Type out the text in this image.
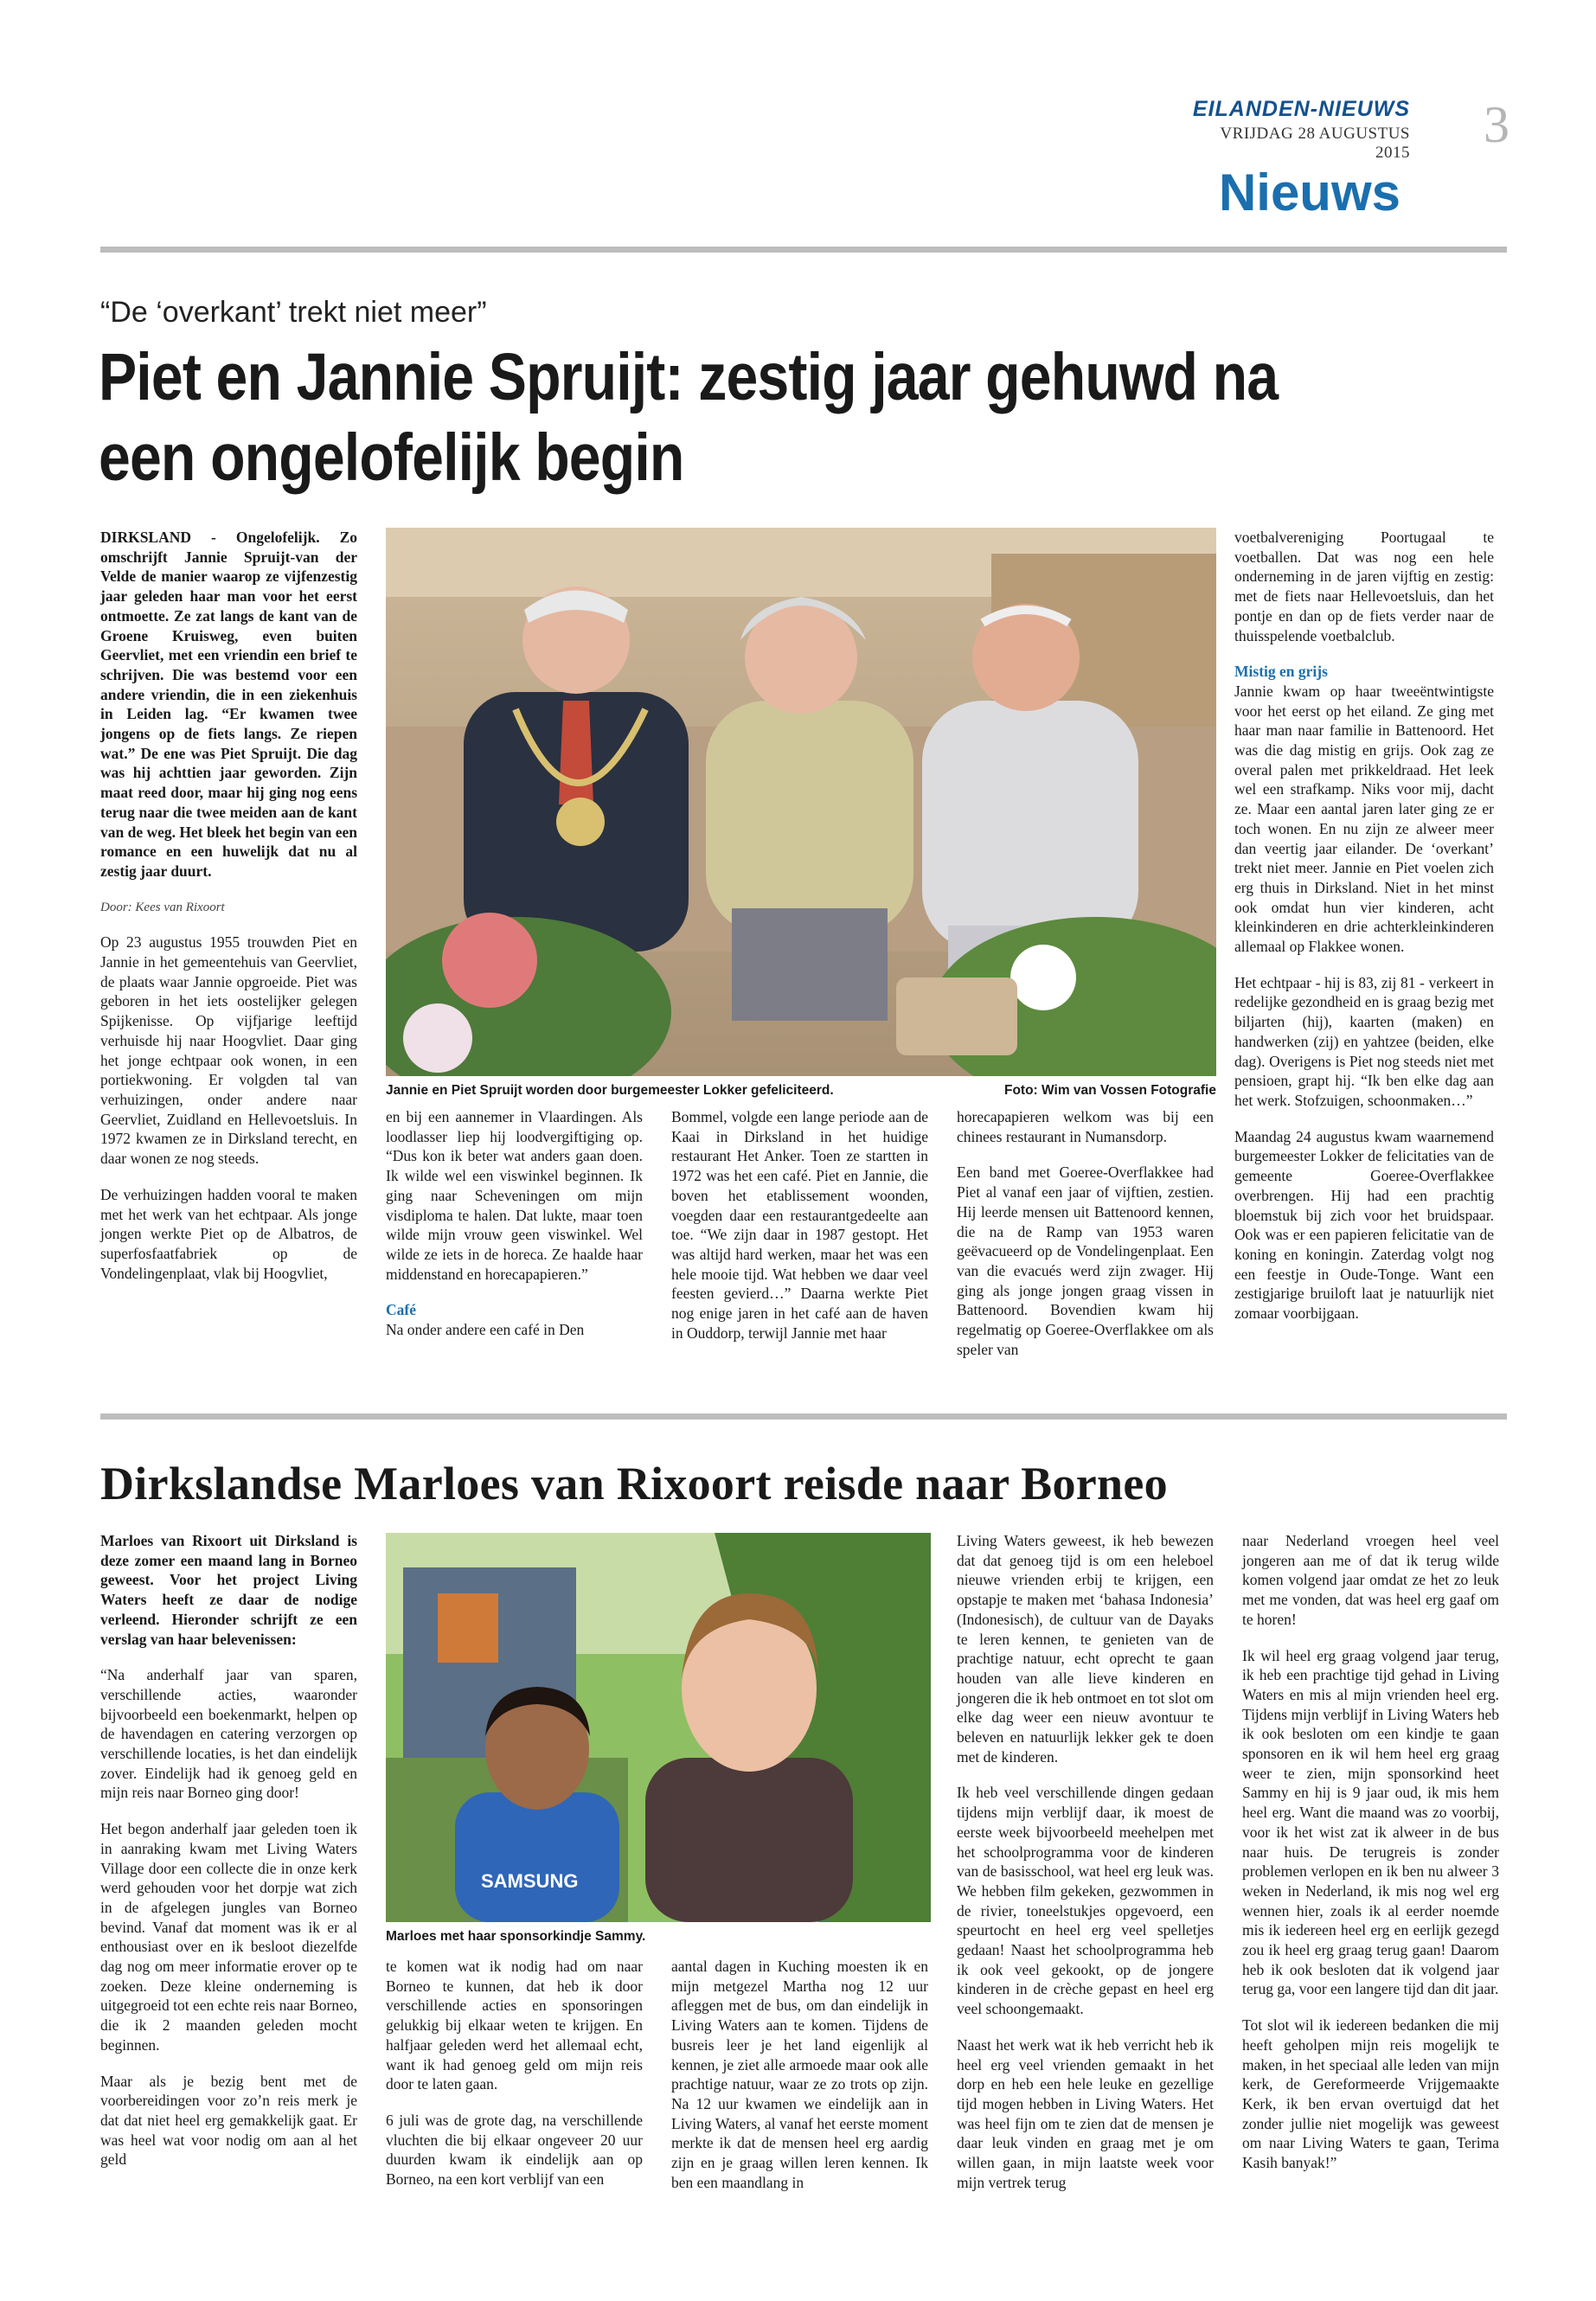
EILANDEN-NIEUWS
VRIJDAG 28 AUGUSTUS 2015 3
Nieuws
“De ‘overkant’ trekt niet meer”
Piet en Jannie Spruijt: zestig jaar gehuwd na
een ongelofelijk begin

DIRKSLAND - Ongelofelijk. Zo omschrijft Jannie Spruijt-van der Velde de manier waarop ze vijfenzestig jaar geleden haar man voor het eerst ontmoette. Ze zat langs de kant van de Groene Kruisweg, even buiten Geervliet, met een vriendin een brief te schrijven. Die was bestemd voor een andere vriendin, die in een ziekenhuis in Leiden lag. “Er kwamen twee jongens op de fiets langs. Ze riepen wat.” De ene was Piet Spruijt. Die dag was hij achttien jaar geworden. Zijn maat reed door, maar hij ging nog eens terug naar die twee meiden aan de kant van de weg. Het bleek het begin van een romance en een huwelijk dat nu al zestig jaar duurt.

Door: Kees van Rixoort

Op 23 augustus 1955 trouwden Piet en Jannie in het gemeentehuis van Geervliet, de plaats waar Jannie opgroeide. Piet was geboren in het iets oostelijker gelegen Spijkenisse. Op vijfjarige leeftijd verhuisde hij naar Hoogvliet. Daar ging het jonge echtpaar ook wonen, in een portiekwoning. Er volgden tal van verhuizingen, onder andere naar Geervliet, Zuidland en Hellevoetsluis. In 1972 kwamen ze in Dirksland terecht, en daar wonen ze nog steeds.

De verhuizingen hadden vooral te maken met het werk van het echtpaar. Als jonge jongen werkte Piet op de Albatros, de superfosfaatfabriek op de Vondelingenplaat, vlak bij Hoogvliet,

Jannie en Piet Spruijt worden door burgemeester Lokker gefeliciteerd.	Foto: Wim van Vossen Fotografie

en bij een aannemer in Vlaardingen. Als loodlasser liep hij loodvergiftiging op. “Dus kon ik beter wat anders gaan doen. Ik wilde wel een viswinkel beginnen. Ik ging naar Scheveningen om mijn visdiploma te halen. Dat lukte, maar toen wilde mijn vrouw geen viswinkel. Wel wilde ze iets in de horeca. Ze haalde haar middenstand en horecapapieren.”

Café

Na onder andere een café in Den

Bommel, volgde een lange periode aan de Kaai in Dirksland in het huidige restaurant Het Anker. Toen ze startten in 1972 was het een café. Piet en Jannie, die boven het etablissement woonden, voegden daar een restaurantgedeelte aan toe. “We zijn daar in 1987 gestopt. Het was altijd hard werken, maar het was een hele mooie tijd. Wat hebben we daar veel feesten gevierd…” Daarna werkte Piet nog enige jaren in het café aan de haven in Ouddorp, terwijl Jannie met haar

horecapapieren welkom was bij een chinees restaurant in Numansdorp.

Een band met Goeree-Overflakkee had Piet al vanaf een jaar of vijftien, zestien. Hij leerde mensen uit Battenoord kennen, die na de Ramp van 1953 waren geëvacueerd op de Vondelingenplaat. Een van die evacués werd zijn zwager. Hij ging als jonge jongen graag vissen in Battenoord. Bovendien kwam hij regelmatig op Goeree-Overflakkee om als speler van

voetbalvereniging Poortugaal te voetballen. Dat was nog een hele onderneming in de jaren vijftig en zestig: met de fiets naar Hellevoetsluis, dan het pontje en dan op de fiets verder naar de thuisspelende voetbalclub.

Mistig en grijs

Jannie kwam op haar tweeëntwintigste voor het eerst op het eiland. Ze ging met haar man naar familie in Battenoord. Het was die dag mistig en grijs. Ook zag ze overal palen met prikkeldraad. Het leek wel een strafkamp. Niks voor mij, dacht ze. Maar een aantal jaren later ging ze er toch wonen. En nu zijn ze alweer meer dan veertig jaar eilander. De ‘overkant’ trekt niet meer. Jannie en Piet voelen zich erg thuis in Dirksland. Niet in het minst ook omdat hun vier kinderen, acht kleinkinderen en drie achterkleinkinderen allemaal op Flakkee wonen.

Het echtpaar - hij is 83, zij 81 - verkeert in redelijke gezondheid en is graag bezig met biljarten (hij), kaarten (maken) en handwerken (zij) en yahtzee (beiden, elke dag). Overigens is Piet nog steeds niet met pensioen, grapt hij. “Ik ben elke dag aan het werk. Stofzuigen, schoonmaken…”

Maandag 24 augustus kwam waarnemend burgemeester Lokker de felicitaties van de gemeente Goeree-Overflakkee overbrengen. Hij had een prachtig bloemstuk bij zich voor het bruidspaar. Ook was er een papieren felicitatie van de koning en koningin. Zaterdag volgt nog een feestje in Oude-Tonge. Want een zestigjarige bruiloft laat je natuurlijk niet zomaar voorbijgaan.

Dirkslandse Marloes van Rixoort reisde naar Borneo

Marloes van Rixoort uit Dirksland is deze zomer een maand lang in Borneo geweest. Voor het project Living Waters heeft ze daar de nodige verleend. Hieronder schrijft ze een verslag van haar belevenissen:

“Na anderhalf jaar van sparen, verschillende acties, waaronder bijvoorbeeld een boekenmarkt, helpen op de havendagen en catering verzorgen op verschillende locaties, is het dan eindelijk zover. Eindelijk had ik genoeg geld en mijn reis naar Borneo ging door!

Het begon anderhalf jaar geleden toen ik in aanraking kwam met Living Waters Village door een collecte die in onze kerk werd gehouden voor het dorpje wat zich in de afgelegen jungles van Borneo bevind. Vanaf dat moment was ik er al enthousiast over en ik besloot diezelfde dag nog om meer informatie erover op te zoeken. Deze kleine onderneming is uitgegroeid tot een echte reis naar Borneo, die ik 2 maanden geleden mocht beginnen.

Maar als je bezig bent met de voorbereidingen voor zo’n reis merk je dat dat niet heel erg gemakkelijk gaat. Er was heel wat voor nodig om aan al het geld

SAMSUNG
Marloes met haar sponsorkindje Sammy.

te komen wat ik nodig had om naar Borneo te kunnen, dat heb ik door verschillende acties en sponsoringen gelukkig bij elkaar weten te krijgen. En halfjaar geleden werd het allemaal echt, want ik had genoeg geld om mijn reis door te laten gaan.

6 juli was de grote dag, na verschillende vluchten die bij elkaar ongeveer 20 uur duurden kwam ik eindelijk aan op Borneo, na een kort verblijf van een

aantal dagen in Kuching moesten ik en mijn metgezel Martha nog 12 uur afleggen met de bus, om dan eindelijk in Living Waters aan te komen. Tijdens de busreis leer je het land eigenlijk al kennen, je ziet alle armoede maar ook alle prachtige natuur, waar ze zo trots op zijn. Na 12 uur kwamen we eindelijk aan in Living Waters, al vanaf het eerste moment merkte ik dat de mensen heel erg aardig zijn en je graag willen leren kennen. Ik ben een maandlang in

Living Waters geweest, ik heb bewezen dat dat genoeg tijd is om een heleboel nieuwe vrienden erbij te krijgen, een opstapje te maken met ‘bahasa Indonesia’ (Indonesisch), de cultuur van de Dayaks te leren kennen, te genieten van de prachtige natuur, echt oprecht te gaan houden van alle lieve kinderen en jongeren die ik heb ontmoet en tot slot om elke dag weer een nieuw avontuur te beleven en natuurlijk lekker gek te doen met de kinderen.

Ik heb veel verschillende dingen gedaan tijdens mijn verblijf daar, ik moest de eerste week bijvoorbeeld meehelpen met het schoolprogramma voor de kinderen van de basisschool, wat heel erg leuk was. We hebben film gekeken, gezwommen in de rivier, toneelstukjes opgevoerd, een speurtocht en heel erg veel spelletjes gedaan! Naast het schoolprogramma heb ik ook veel gekookt, op de jongere kinderen in de crèche gepast en heel erg veel schoongemaakt.

Naast het werk wat ik heb verricht heb ik heel erg veel vrienden gemaakt in het dorp en heb een hele leuke en gezellige tijd mogen hebben in Living Waters. Het was heel fijn om te zien dat de mensen je daar leuk vinden en graag met je om willen gaan, in mijn laatste week voor mijn vertrek terug

naar Nederland vroegen heel veel jongeren aan me of dat ik terug wilde komen volgend jaar omdat ze het zo leuk met me vonden, dat was heel erg gaaf om te horen!

Ik wil heel erg graag volgend jaar terug, ik heb een prachtige tijd gehad in Living Waters en mis al mijn vrienden heel erg. Tijdens mijn verblijf in Living Waters heb ik ook besloten om een kindje te gaan sponsoren en ik wil hem heel erg graag weer te zien, mijn sponsorkind heet Sammy en hij is 9 jaar oud, ik mis hem heel erg. Want die maand was zo voorbij, voor ik het wist zat ik alweer in de bus naar huis. De terugreis is zonder problemen verlopen en ik ben nu alweer 3 weken in Nederland, ik mis nog wel erg wennen hier, zoals ik al eerder noemde mis ik iedereen heel erg en eerlijk gezegd zou ik heel erg graag terug gaan! Daarom heb ik ook besloten dat ik volgend jaar terug ga, voor een langere tijd dan dit jaar.

Tot slot wil ik iedereen bedanken die mij heeft geholpen mijn reis mogelijk te maken, in het speciaal alle leden van mijn kerk, de Gereformeerde Vrijgemaakte Kerk, ik ben ervan overtuigd dat het zonder jullie niet mogelijk was geweest om naar Living Waters te gaan, Terima Kasih banyak!”
